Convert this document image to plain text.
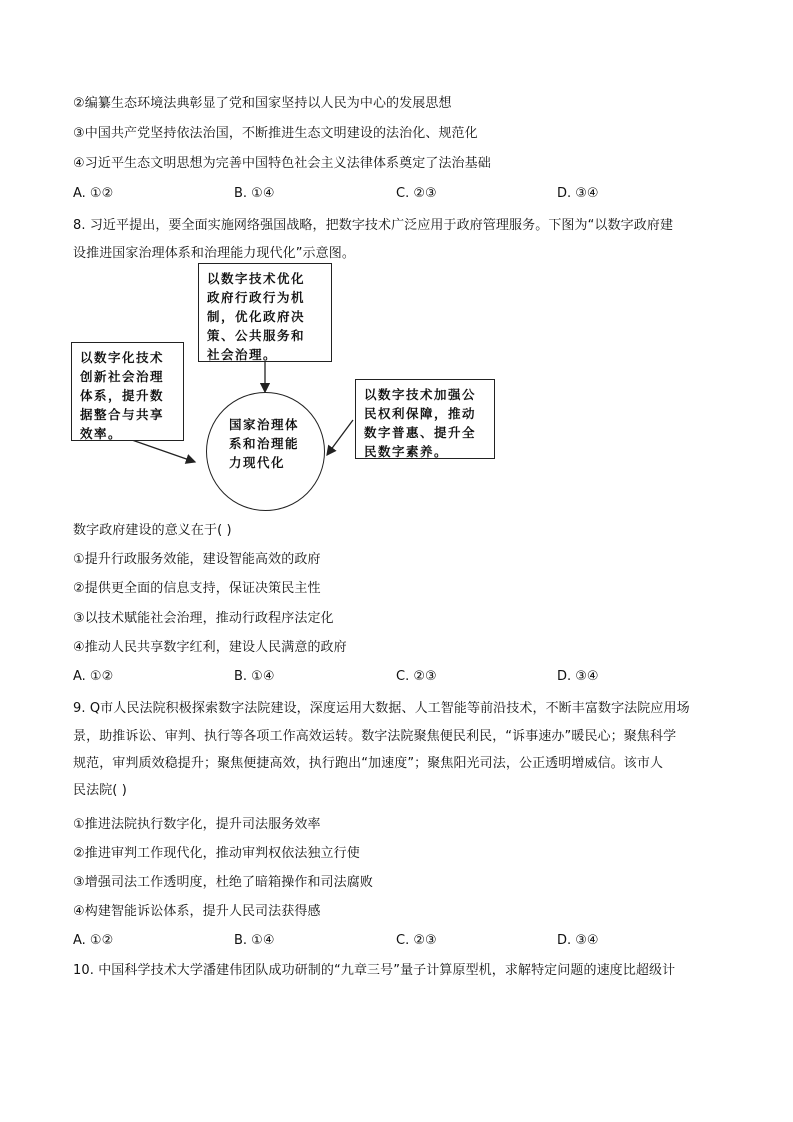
②编纂生态环境法典彰显了党和国家坚持以人民为中心的发展思想
③中国共产党坚持依法治国，不断推进生态文明建设的法治化、规范化
④习近平生态文明思想为完善中国特色社会主义法律体系奠定了法治基础
A. ①②	B. ①④	C. ②③	D. ③④
8. 习近平提出，要全面实施网络强国战略，把数字技术广泛应用于政府管理服务。下图为“以数字政府建
设推进国家治理体系和治理能力现代化”示意图。
以数字技术优化
政府行政行为机
制，优化政府决
策、公共服务和
社会治理。
以数字化技术
创新社会治理
体系，提升数
据整合与共享
效率。
以数字技术加强公
民权利保障，推动
数字普惠、提升全
民数字素养。
国家治理体
系和治理能
力现代化
数字政府建设的意义在于( )
①提升行政服务效能，建设智能高效的政府
②提供更全面的信息支持，保证决策民主性
③以技术赋能社会治理，推动行政程序法定化
④推动人民共享数字红利，建设人民满意的政府
A. ①②	B. ①④	C. ②③	D. ③④
9. Q市人民法院积极探索数字法院建设，深度运用大数据、人工智能等前沿技术，不断丰富数字法院应用场
景，助推诉讼、审判、执行等各项工作高效运转。数字法院聚焦便民利民，“诉事速办”暖民心；聚焦科学
规范，审判质效稳提升；聚焦便捷高效，执行跑出“加速度”；聚焦阳光司法，公正透明增威信。该市人
民法院( )
①推进法院执行数字化，提升司法服务效率
②推进审判工作现代化，推动审判权依法独立行使
③增强司法工作透明度，杜绝了暗箱操作和司法腐败
④构建智能诉讼体系，提升人民司法获得感
A. ①②	B. ①④	C. ②③	D. ③④
10. 中国科学技术大学潘建伟团队成功研制的“九章三号”量子计算原型机，求解特定问题的速度比超级计
